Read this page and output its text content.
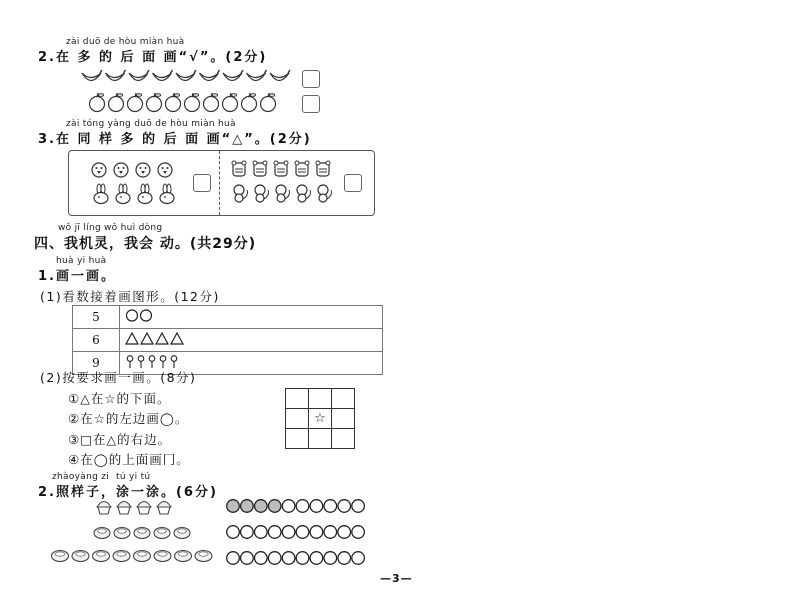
zài duō de hòu miàn huà
2.在 多 的 后 面 画“√”。(2分)
zài tóng yàng duō de hòu miàn huà
3.在 同 样 多 的 后 面 画“△”。(2分)
wǒ jī líng wǒ huì dòng
四、我机灵，我会 动。(共29分)
huà yi huà
1.画一画。
(1)看数接着画图形。(12分)
5	
6	
9	
(2)按要求画一画。(8分)
①△在☆的下面。
②在☆的左边画◯。
③□在△的右边。
④在◯的上面画冂。

	☆	

zhàoyàng zi tú yi tú
2.照样子，涂一涂。(6分)
—3—
